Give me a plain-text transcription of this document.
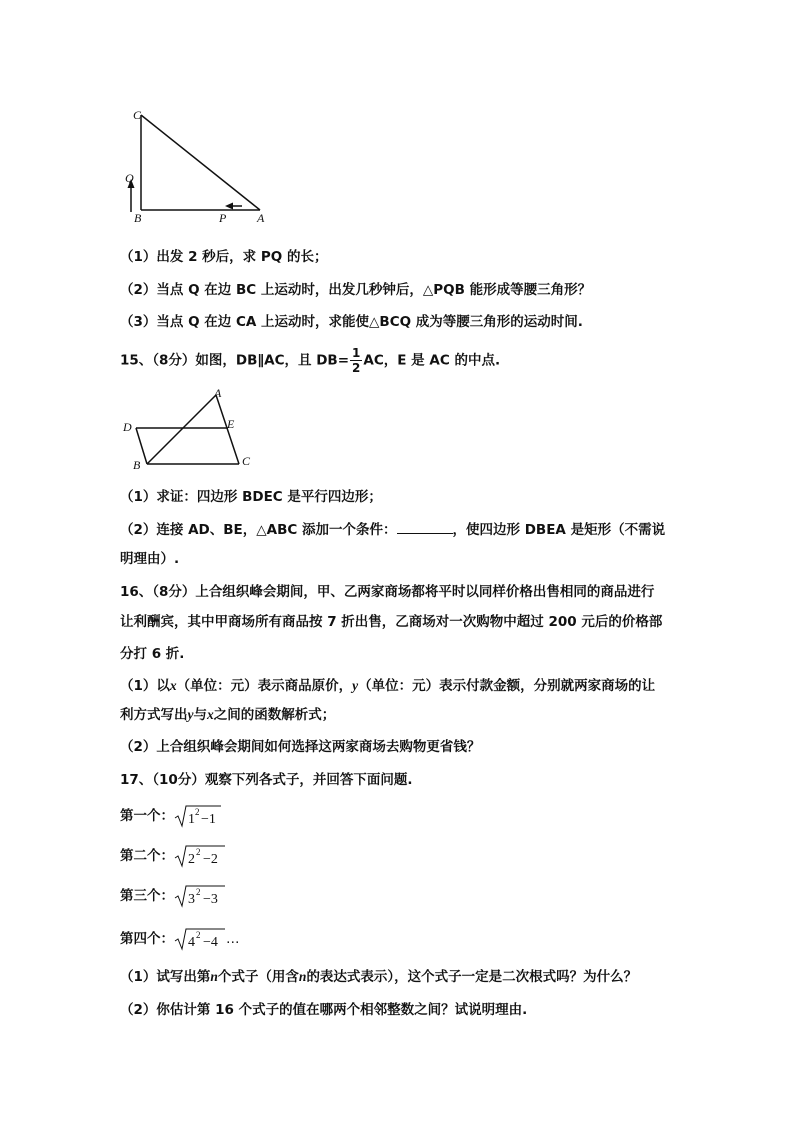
C
Q
B	P	A
（1）出发 2 秒后，求 PQ 的长；
（2）当点 Q 在边 BC 上运动时，出发几秒钟后，△PQB 能形成等腰三角形？
（3）当点 Q 在边 CA 上运动时，求能使△BCQ 成为等腰三角形的运动时间.
15、（8分）如图，DB∥AC，且 $DB= \frac{1}{2}$ AC，E 是 AC 的中点.
A
D	E
B	C
（1）求证：四边形 BDEC 是平行四边形；
（2）连接 AD、BE，△ABC 添加一个条件：	，使四边形 DBEA 是矩形（不需说
明理由）.
16、（8分）上合组织峰会期间，甲、乙两家商场都将平时以同样价格出售相同的商品进行
让利酬宾，其中甲商场所有商品按 7 折出售，乙商场对一次购物中超过 200 元后的价格部
分打 6 折.
（1）以x（单位：元）表示商品原价，y（单位：元）表示付款金额，分别就两家商场的让
利方式写出y与x之间的函数解析式；
（2）上合组织峰会期间如何选择这两家商场去购物更省钱？
17、（10分）观察下列各式子，并回答下面问题.
第一个： 1 2 −1
第二个： 2 2 −2
第三个： 3 2 −3
第四个： 4 2 −4 …
（1）试写出第n个式子（用含n的表达式表示），这个式子一定是二次根式吗？为什么？
（2）你估计第 16 个式子的值在哪两个相邻整数之间？试说明理由.
